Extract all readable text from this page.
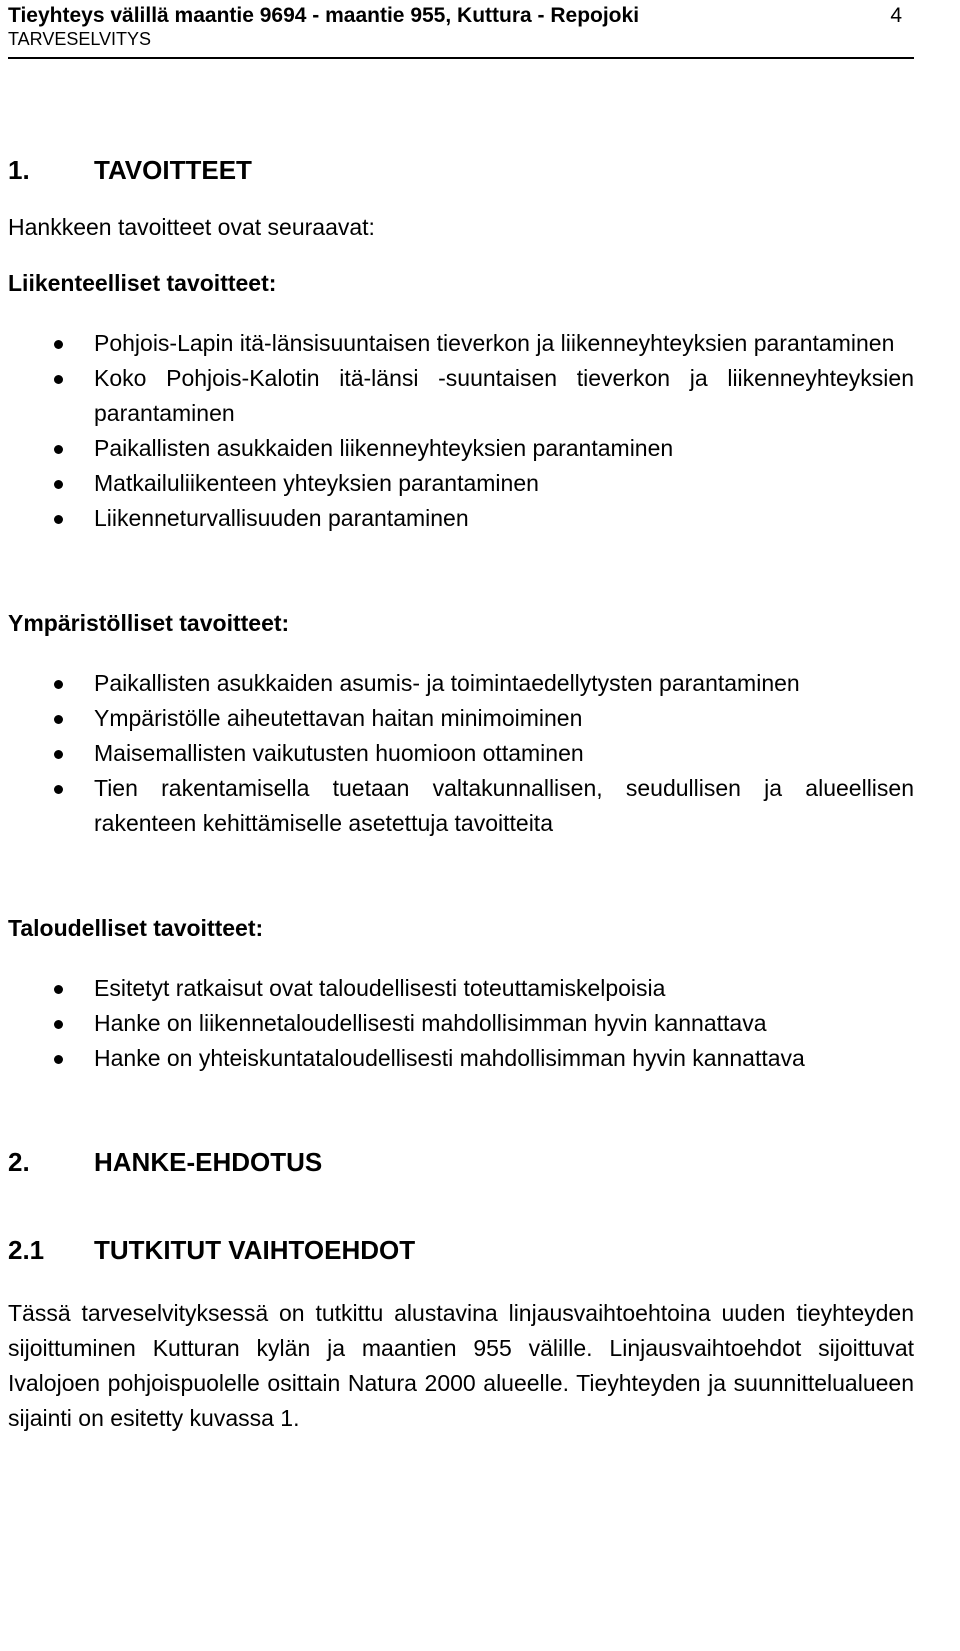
Tieyhteys välillä maantie 9694 - maantie 955, Kuttura - Repojoki
TARVESELVITYS
4
1.	TAVOITTEET

Hankkeen tavoitteet ovat seuraavat:

Liikenteelliset tavoitteet:

Pohjois-Lapin itä-länsisuuntaisen tieverkon ja liikenneyhteyksien parantaminen
Koko Pohjois-Kalotin itä-länsi -suuntaisen tieverkon ja liikenneyhteyksien parantaminen
Paikallisten asukkaiden liikenneyhteyksien parantaminen
Matkailuliikenteen yhteyksien parantaminen
Liikenneturvallisuuden parantaminen

Ympäristölliset tavoitteet:

Paikallisten asukkaiden asumis- ja toimintaedellytysten parantaminen
Ympäristölle aiheutettavan haitan minimoiminen
Maisemallisten vaikutusten huomioon ottaminen
Tien rakentamisella tuetaan valtakunnallisen, seudullisen ja alueellisen rakenteen kehittämiselle asetettuja tavoitteita

Taloudelliset tavoitteet:

Esitetyt ratkaisut ovat taloudellisesti toteuttamiskelpoisia
Hanke on liikennetaloudellisesti mahdollisimman hyvin kannattava
Hanke on yhteiskuntataloudellisesti mahdollisimman hyvin kannattava
2.	HANKE-EHDOTUS
2.1	TUTKITUT VAIHTOEHDOT

Tässä tarveselvityksessä on tutkittu alustavina linjausvaihtoehtoina uuden tieyhteyden sijoittuminen Kutturan kylän ja maantien 955 välille. Linjausvaihtoehdot sijoittuvat Ivalojoen pohjoispuolelle osittain Natura 2000 alueelle. Tieyhteyden ja suunnittelualueen sijainti on esitetty kuvassa 1.
